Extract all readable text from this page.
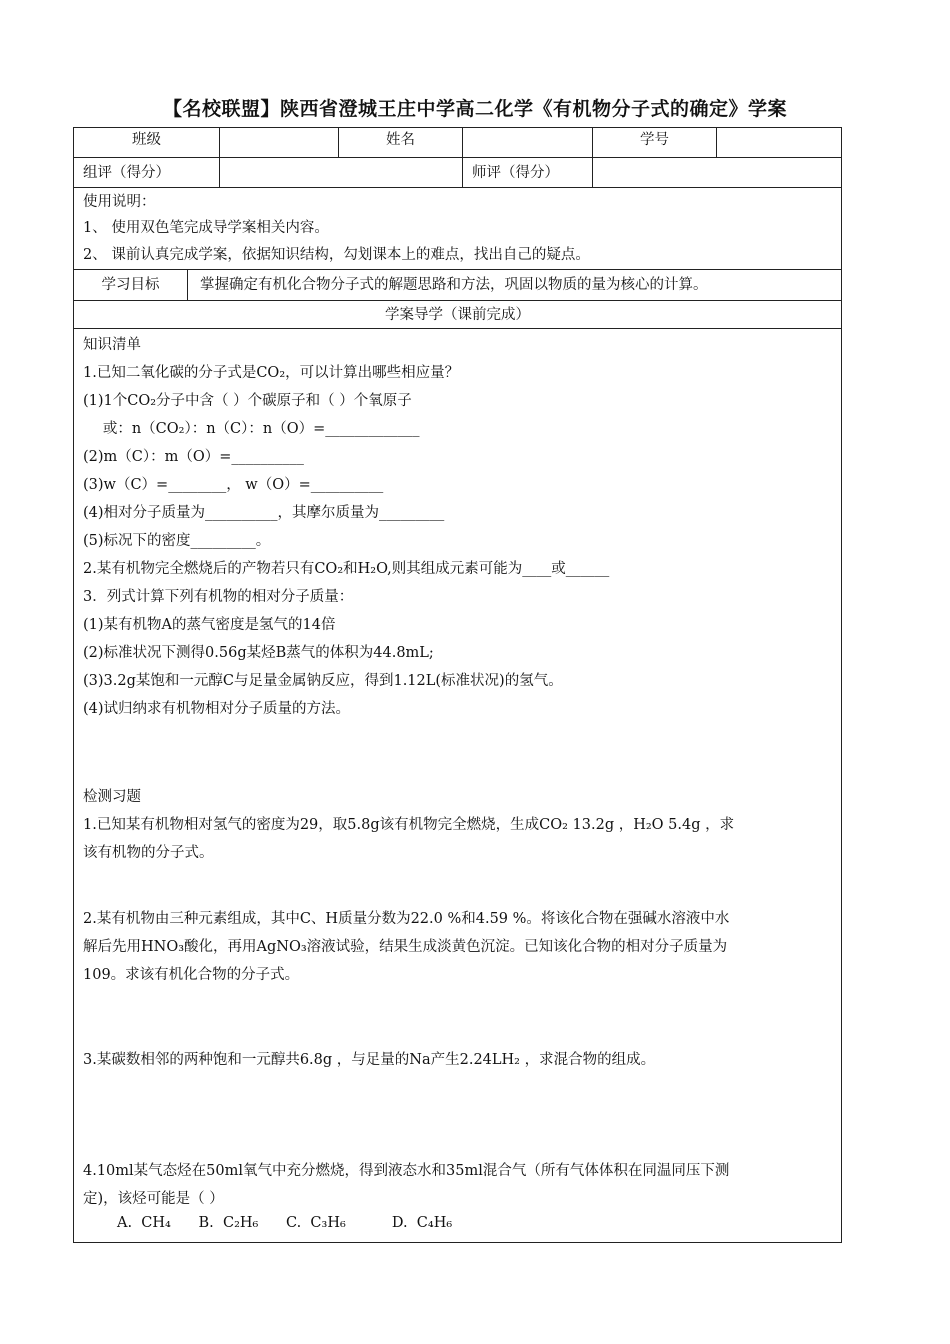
【名校联盟】陕西省澄城王庄中学高二化学《有机物分子式的确定》学案
班级	姓名	学号
组评（得分）	师评（得分）
使用说明：
1、 使用双色笔完成导学案相关内容。
2、 课前认真完成学案，依据知识结构，勾划课本上的难点，找出自己的疑点。
学习目标	掌握确定有机化合物分子式的解题思路和方法，巩固以物质的量为核心的计算。
学案导学（课前完成）
知识清单
1.已知二氧化碳的分子式是CO₂，可以计算出哪些相应量？
(1)1个CO₂分子中含（ ）个碳原子和（ ）个氧原子
或：n（CO₂）：n（C）：n（O）=_____________
(2)m（C）：m（O）=__________
(3)w（C）=________， w（O）=__________
(4)相对分子质量为__________，其摩尔质量为_________
(5)标况下的密度_________。
2.某有机物完全燃烧后的产物若只有CO₂和H₂O,则其组成元素可能为____或______
3．列式计算下列有机物的相对分子质量：
(1)某有机物A的蒸气密度是氢气的14倍
(2)标准状况下测得0.56g某烃B蒸气的体积为44.8mL;
(3)3.2g某饱和一元醇C与足量金属钠反应，得到1.12L(标准状况)的氢气。
(4)试归纳求有机物相对分子质量的方法。
检测习题
1.已知某有机物相对氢气的密度为29，取5.8g该有机物完全燃烧，生成CO₂ 13.2g ，H₂O 5.4g ，求
该有机物的分子式。
2.某有机物由三种元素组成，其中C、H质量分数为22.0 %和4.59 %。将该化合物在强碱水溶液中水
解后先用HNO₃酸化，再用AgNO₃溶液试验，结果生成淡黄色沉淀。已知该化合物的相对分子质量为
109。求该有机化合物的分子式。
3.某碳数相邻的两种饱和一元醇共6.8g ，与足量的Na产生2.24LH₂ ，求混合物的组成。
4.10ml某气态烃在50ml氧气中充分燃烧，得到液态水和35ml混合气（所有气体体积在同温同压下测
定)，该烃可能是（ ）
A.  CH₄      B.  C₂H₆      C.  C₃H₆          D.  C₄H₆
